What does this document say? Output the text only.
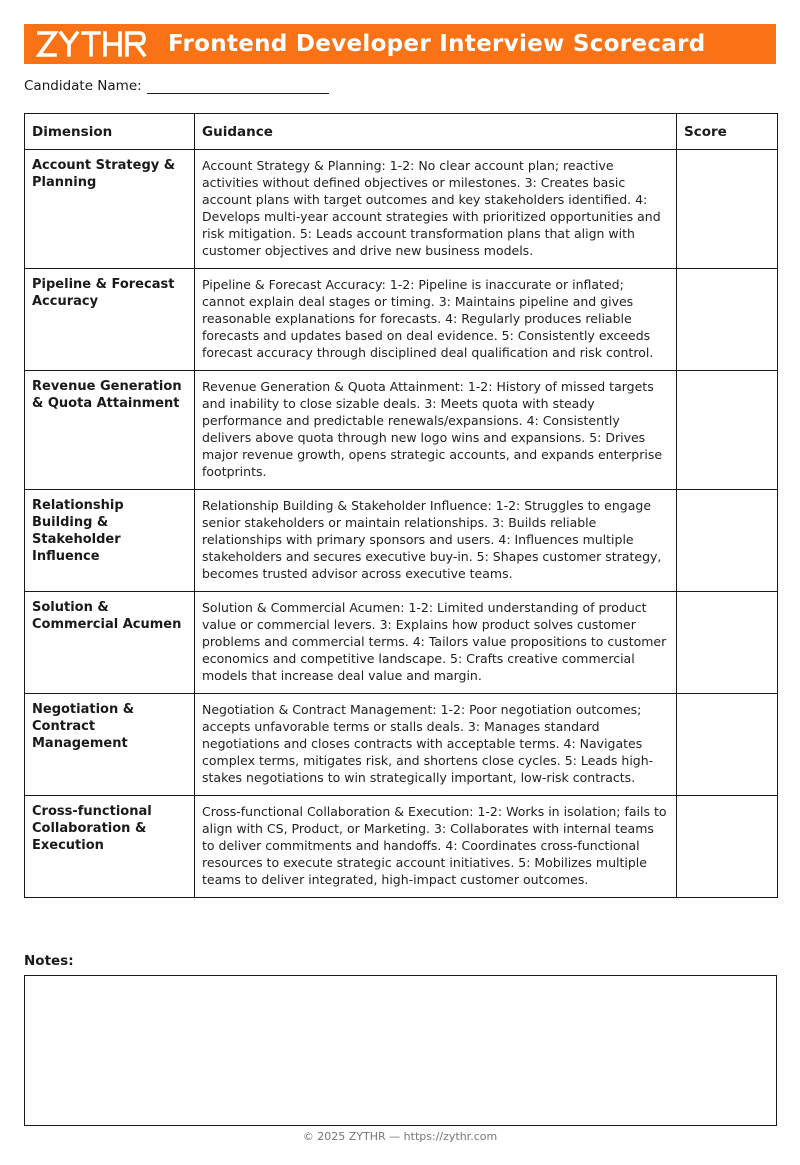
Frontend Developer Interview Scorecard
Candidate Name:
Dimension	Guidance	Score
Account Strategy & Planning	Account Strategy & Planning: 1-2: No clear account plan; reactive activities without defined objectives or milestones. 3: Creates basic account plans with target outcomes and key stakeholders identified. 4: Develops multi-year account strategies with prioritized opportunities and risk mitigation. 5: Leads account transformation plans that align with customer objectives and drive new business models.	
Pipeline & Forecast Accuracy	Pipeline & Forecast Accuracy: 1-2: Pipeline is inaccurate or inflated; cannot explain deal stages or timing. 3: Maintains pipeline and gives reasonable explanations for forecasts. 4: Regularly produces reliable forecasts and updates based on deal evidence. 5: Consistently exceeds forecast accuracy through disciplined deal qualification and risk control.	
Revenue Generation & Quota Attainment	Revenue Generation & Quota Attainment: 1-2: History of missed targets and inability to close sizable deals. 3: Meets quota with steady performance and predictable renewals/expansions. 4: Consistently delivers above quota through new logo wins and expansions. 5: Drives major revenue growth, opens strategic accounts, and expands enterprise footprints.	
Relationship Building & Stakeholder Influence	Relationship Building & Stakeholder Influence: 1-2: Struggles to engage senior stakeholders or maintain relationships. 3: Builds reliable relationships with primary sponsors and users. 4: Influences multiple stakeholders and secures executive buy-in. 5: Shapes customer strategy, becomes trusted advisor across executive teams.	
Solution & Commercial Acumen	Solution & Commercial Acumen: 1-2: Limited understanding of product value or commercial levers. 3: Explains how product solves customer problems and commercial terms. 4: Tailors value propositions to customer economics and competitive landscape. 5: Crafts creative commercial models that increase deal value and margin.	
Negotiation & Contract Management	Negotiation & Contract Management: 1-2: Poor negotiation outcomes; accepts unfavorable terms or stalls deals. 3: Manages standard negotiations and closes contracts with acceptable terms. 4: Navigates complex terms, mitigates risk, and shortens close cycles. 5: Leads high-stakes negotiations to win strategically important, low-risk contracts.	
Cross-functional Collaboration & Execution	Cross-functional Collaboration & Execution: 1-2: Works in isolation; fails to align with CS, Product, or Marketing. 3: Collaborates with internal teams to deliver commitments and handoffs. 4: Coordinates cross-functional resources to execute strategic account initiatives. 5: Mobilizes multiple teams to deliver integrated, high-impact customer outcomes.	
Notes:
© 2025 ZYTHR — https://zythr.com
